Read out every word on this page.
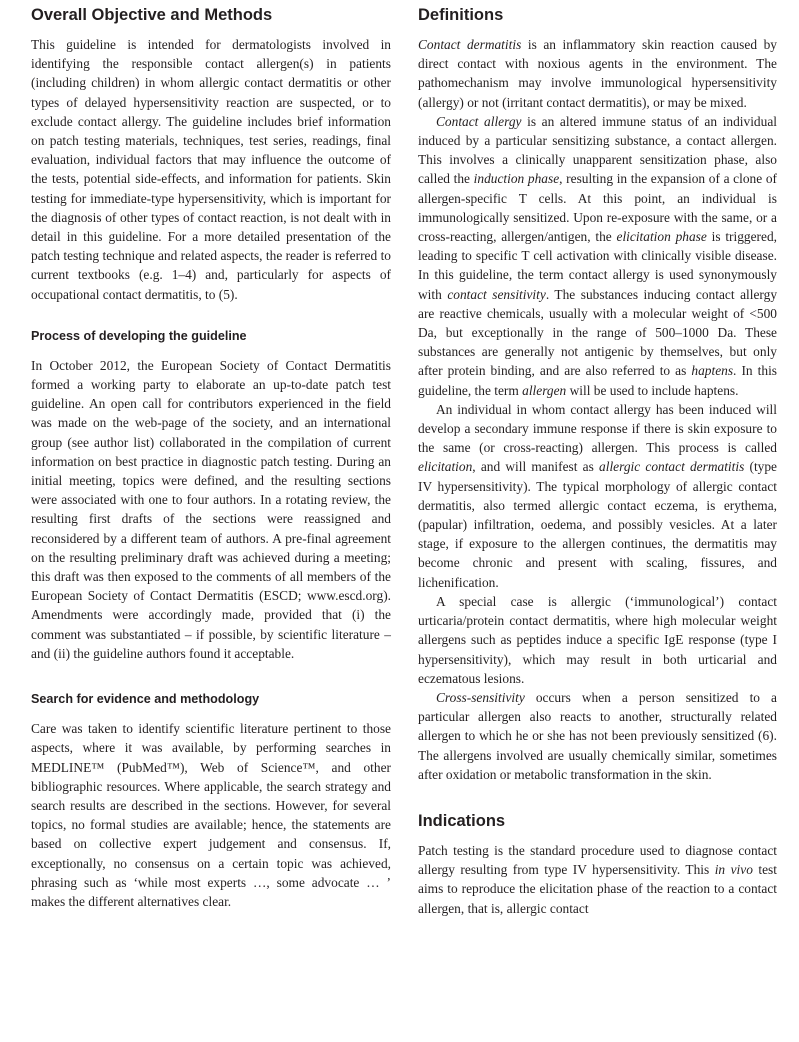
Overall Objective and Methods

This guideline is intended for dermatologists involved in identifying the responsible contact allergen(s) in patients (including children) in whom allergic contact dermatitis or other types of delayed hypersensitivity reaction are suspected, or to exclude contact allergy. The guideline includes brief information on patch testing materials, techniques, test series, readings, final evaluation, individual factors that may influence the outcome of the tests, potential side-effects, and information for patients. Skin testing for immediate-type hypersensitivity, which is important for the diagnosis of other types of contact reaction, is not dealt with in detail in this guideline. For a more detailed presentation of the patch testing technique and related aspects, the reader is referred to current textbooks (e.g. 1–4) and, particularly for aspects of occupational contact dermatitis, to (5).

Process of developing the guideline

In October 2012, the European Society of Contact Dermatitis formed a working party to elaborate an up-to-date patch test guideline. An open call for contributors experienced in the field was made on the web-page of the society, and an international group (see author list) collaborated in the compilation of current information on best practice in diagnostic patch testing. During an initial meeting, topics were defined, and the resulting sections were associated with one to four authors. In a rotating review, the resulting first drafts of the sections were reassigned and reconsidered by a different team of authors. A pre-final agreement on the resulting preliminary draft was achieved during a meeting; this draft was then exposed to the comments of all members of the European Society of Contact Dermatitis (ESCD; www.escd.org). Amendments were accordingly made, provided that (i) the comment was substantiated – if possible, by scientific literature – and (ii) the guideline authors found it acceptable.

Search for evidence and methodology

Care was taken to identify scientific literature pertinent to those aspects, where it was available, by performing searches in MEDLINE™ (PubMed™), Web of Science™, and other bibliographic resources. Where applicable, the search strategy and search results are described in the sections. However, for several topics, no formal studies are available; hence, the statements are based on collective expert judgement and consensus. If, exceptionally, no consensus on a certain topic was achieved, phrasing such as ‘while most experts …, some advocate … ’ makes the different alternatives clear.

Definitions

Contact dermatitis is an inflammatory skin reaction caused by direct contact with noxious agents in the environment. The pathomechanism may involve immunological hypersensitivity (allergy) or not (irritant contact dermatitis), or may be mixed.

Contact allergy is an altered immune status of an individual induced by a particular sensitizing substance, a contact allergen. This involves a clinically unapparent sensitization phase, also called the induction phase, resulting in the expansion of a clone of allergen-specific T cells. At this point, an individual is immunologically sensitized. Upon re-exposure with the same, or a cross-reacting, allergen/antigen, the elicitation phase is triggered, leading to specific T cell activation with clinically visible disease. In this guideline, the term contact allergy is used synonymously with contact sensitivity. The substances inducing contact allergy are reactive chemicals, usually with a molecular weight of <500 Da, but exceptionally in the range of 500–1000 Da. These substances are generally not antigenic by themselves, but only after protein binding, and are also referred to as haptens. In this guideline, the term allergen will be used to include haptens.

An individual in whom contact allergy has been induced will develop a secondary immune response if there is skin exposure to the same (or cross-reacting) allergen. This process is called elicitation, and will manifest as allergic contact dermatitis (type IV hypersensitivity). The typical morphology of allergic contact dermatitis, also termed allergic contact eczema, is erythema, (papular) infiltration, oedema, and possibly vesicles. At a later stage, if exposure to the allergen continues, the dermatitis may become chronic and present with scaling, fissures, and lichenification.

A special case is allergic (‘immunological’) contact urticaria/protein contact dermatitis, where high molecular weight allergens such as peptides induce a specific IgE response (type I hypersensitivity), which may result in both urticarial and eczematous lesions.

Cross-sensitivity occurs when a person sensitized to a particular allergen also reacts to another, structurally related allergen to which he or she has not been previously sensitized (6). The allergens involved are usually chemically similar, sometimes after oxidation or metabolic transformation in the skin.

Indications

Patch testing is the standard procedure used to diagnose contact allergy resulting from type IV hypersensitivity. This in vivo test aims to reproduce the elicitation phase of the reaction to a contact allergen, that is, allergic contact
